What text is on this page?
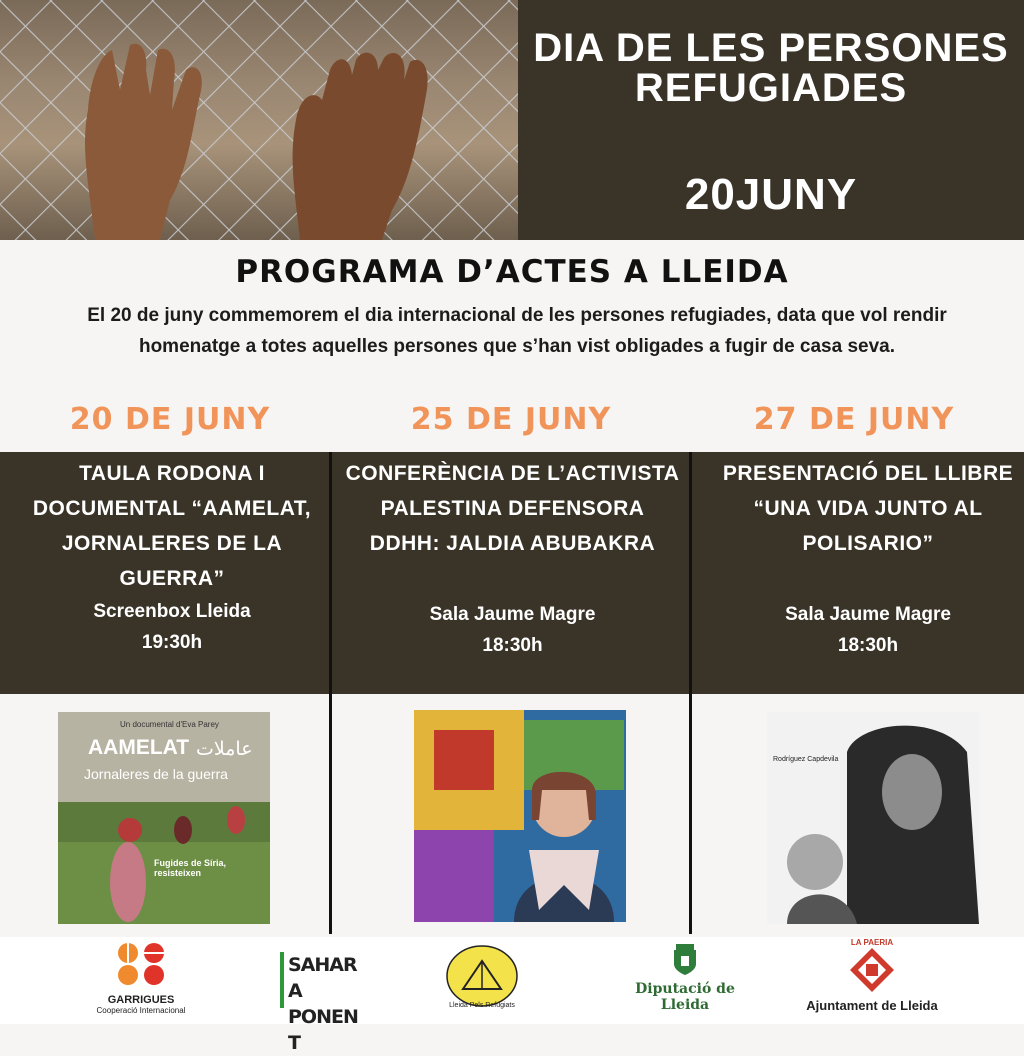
DIA DE LES PERSONES REFUGIADES
20JUNY
PROGRAMA D’ACTES A LLEIDA
El 20 de juny commemorem el dia internacional de les persones refugiades, data que vol rendir homenatge a totes aquelles persones que s’han vist obligades a fugir de casa seva.
20 DE JUNY	25 DE JUNY	27 DE JUNY
TAULA RODONA I DOCUMENTAL “AAMELAT, JORNALERES DE LA GUERRA”
Screenbox Lleida
19:30h
CONFERÈNCIA DE L’ACTIVISTA PALESTINA DEFENSORA DDHH: JALDIA ABUBAKRA
Sala Jaume Magre
18:30h
PRESENTACIÓ DEL LLIBRE “UNA VIDA JUNTO AL POLISARIO”
Sala Jaume Magre
18:30h
Un documental d'Eva Parey
AAMELAT عاملات
Jornaleres de la guerra
Fugides de Síria, resisteixen
Rodríguez Capdevila
GARRIGUES
Cooperació Internacional
SAHARA PONENT
Lleida Pels Refugiats
Diputació de Lleida
LA PAERIA
Ajuntament de Lleida
